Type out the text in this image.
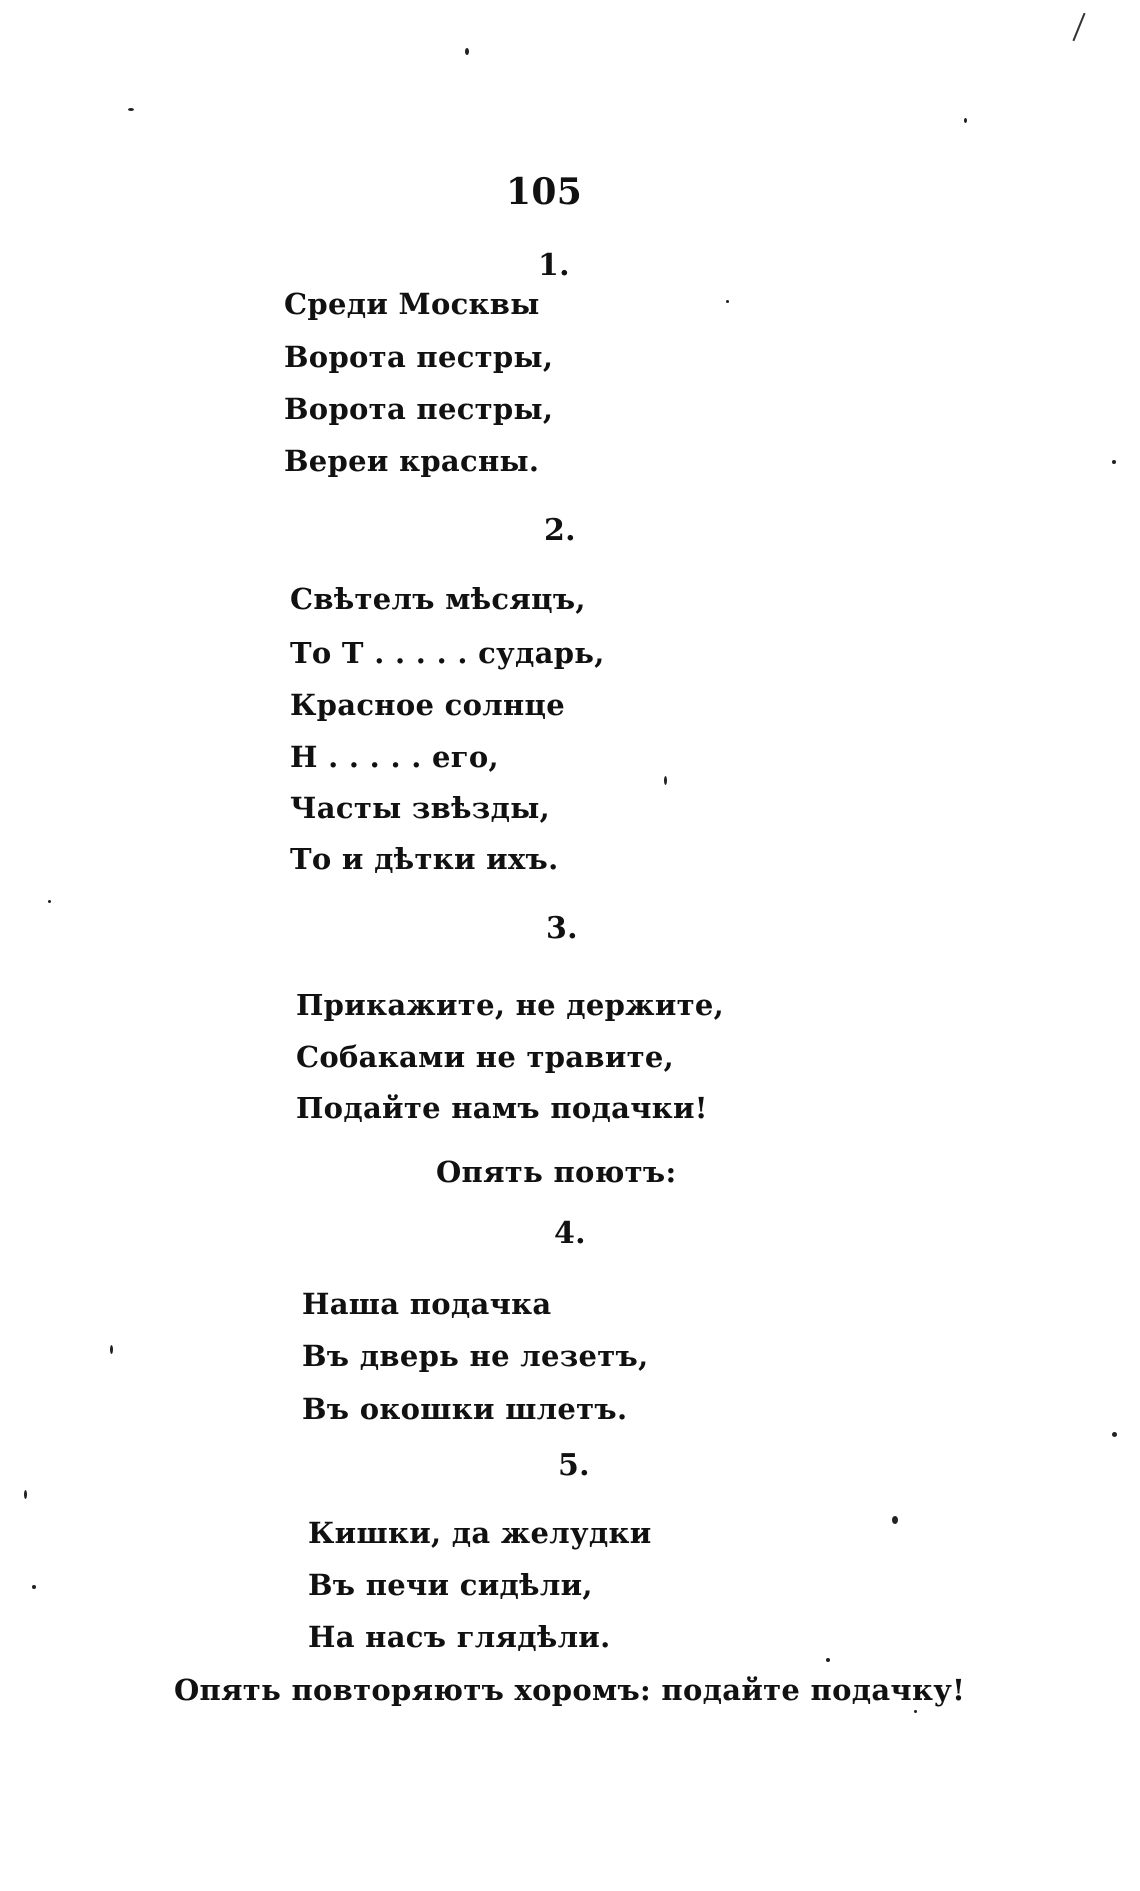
105
1.
Среди Москвы
Ворота пестры,
Ворота пестры,
Вереи красны.
2.
Свѣтелъ мѣсяцъ,
То Т . . . . . сударь,
Красное солнце
Н . . . . . его,
Часты звѣзды,
То и дѣтки ихъ.
3.
Прикажите, не держите,
Собаками не травите,
Подайте намъ подачки!
Опять поютъ:
4.
Наша подачка
Въ дверь не лезетъ,
Въ окошки шлетъ.
5.
Кишки, да желудки
Въ печи сидѣли,
На насъ глядѣли.
Опять повторяютъ хоромъ: подайте подачку!
